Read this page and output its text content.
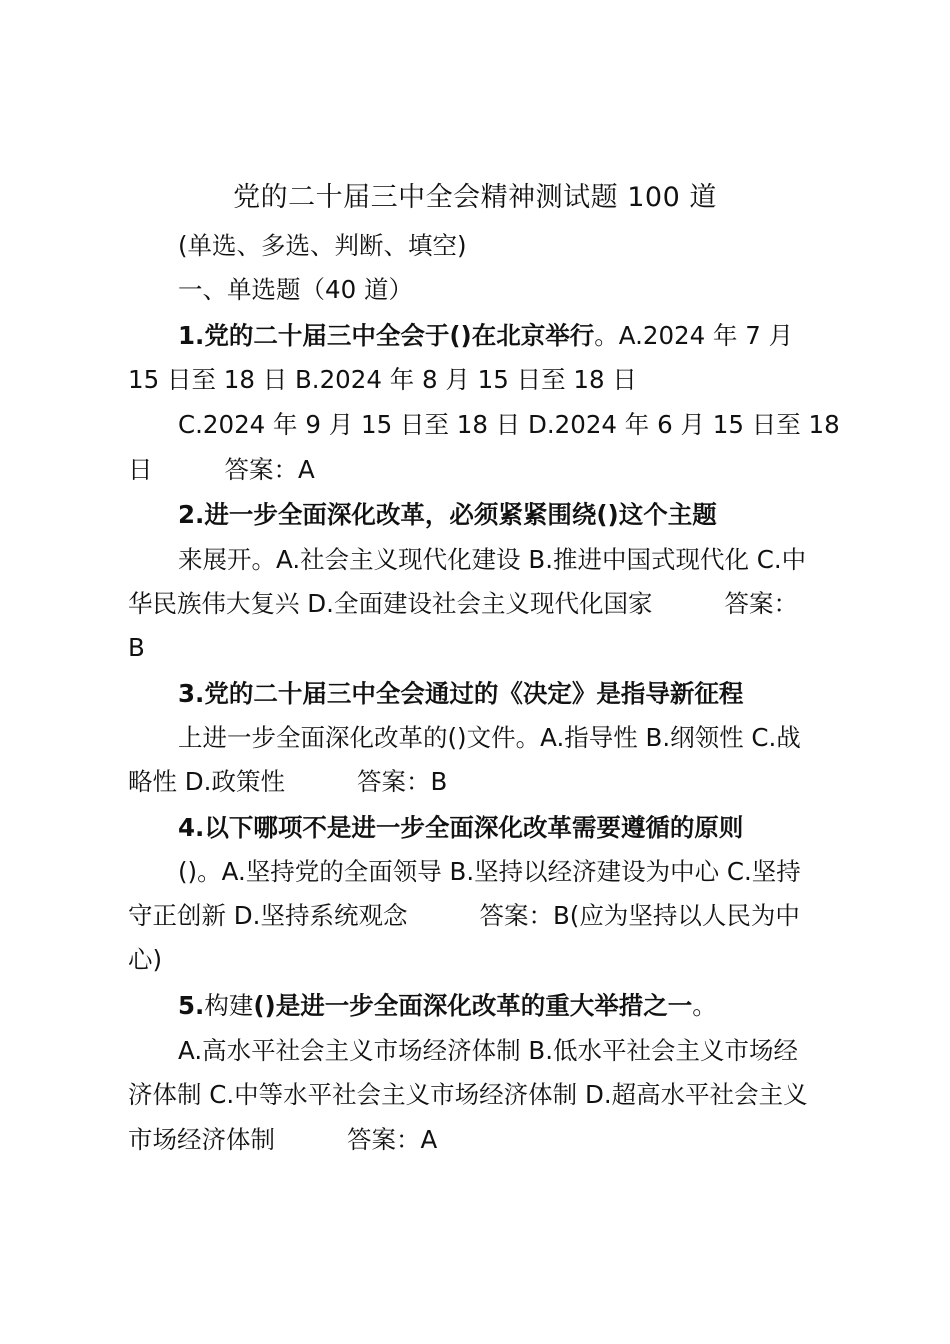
党的二十届三中全会精神测试题 100 道
(单选、多选、判断、填空)
一、单选题（40 道）
1.党的二十届三中全会于()在北京举行。A.2024 年 7 月
15 日至 18 日 B.2024 年 8 月 15 日至 18 日
C.2024 年 9 月 15 日至 18 日 D.2024 年 6 月 15 日至 18
日	答案：A
2.进一步全面深化改革，必须紧紧围绕()这个主题
来展开。A.社会主义现代化建设 B.推进中国式现代化 C.中
华民族伟大复兴 D.全面建设社会主义现代化国家	答案：
B
3.党的二十届三中全会通过的《决定》是指导新征程
上进一步全面深化改革的()文件。A.指导性 B.纲领性 C.战
略性 D.政策性	答案：B
4.以下哪项不是进一步全面深化改革需要遵循的原则
()。A.坚持党的全面领导 B.坚持以经济建设为中心 C.坚持
守正创新 D.坚持系统观念	答案：B(应为坚持以人民为中
心)
5.构建()是进一步全面深化改革的重大举措之一。
A.高水平社会主义市场经济体制 B.低水平社会主义市场经
济体制 C.中等水平社会主义市场经济体制 D.超高水平社会主义
市场经济体制	答案：A
